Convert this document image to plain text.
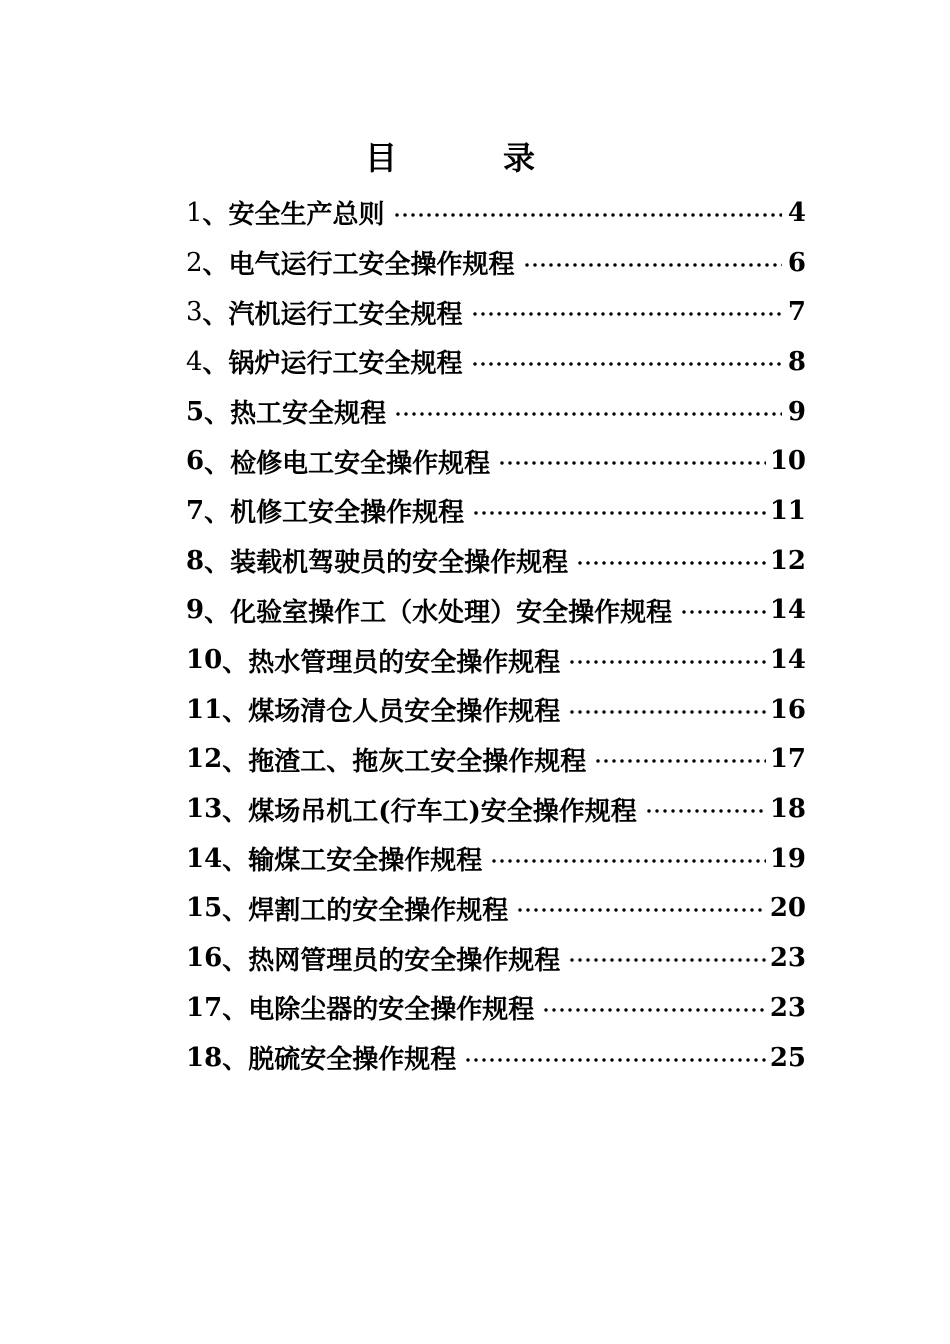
目	录
1 、安全生产总则	4
2 、电气运行工安全操作规程	6
3 、汽机运行工安全规程	7
4 、锅炉运行工安全规程	8
5 、热工安全规程	9
6 、检修电工安全操作规程	10
7 、机修工安全操作规程	11
8 、装载机驾驶员的安全操作规程	12
9 、化验室操作工（水处理）安全操作规程	14
10 、热水管理员的安全操作规程	14
11 、煤场清仓人员安全操作规程	16
12 、拖渣工、拖灰工安全操作规程	17
13 、煤场吊机工(行车工)安全操作规程	18
14 、输煤工安全操作规程	19
15 、焊割工的安全操作规程	20
16 、热网管理员的安全操作规程	23
17 、电除尘器的安全操作规程	23
18 、脱硫安全操作规程	25
